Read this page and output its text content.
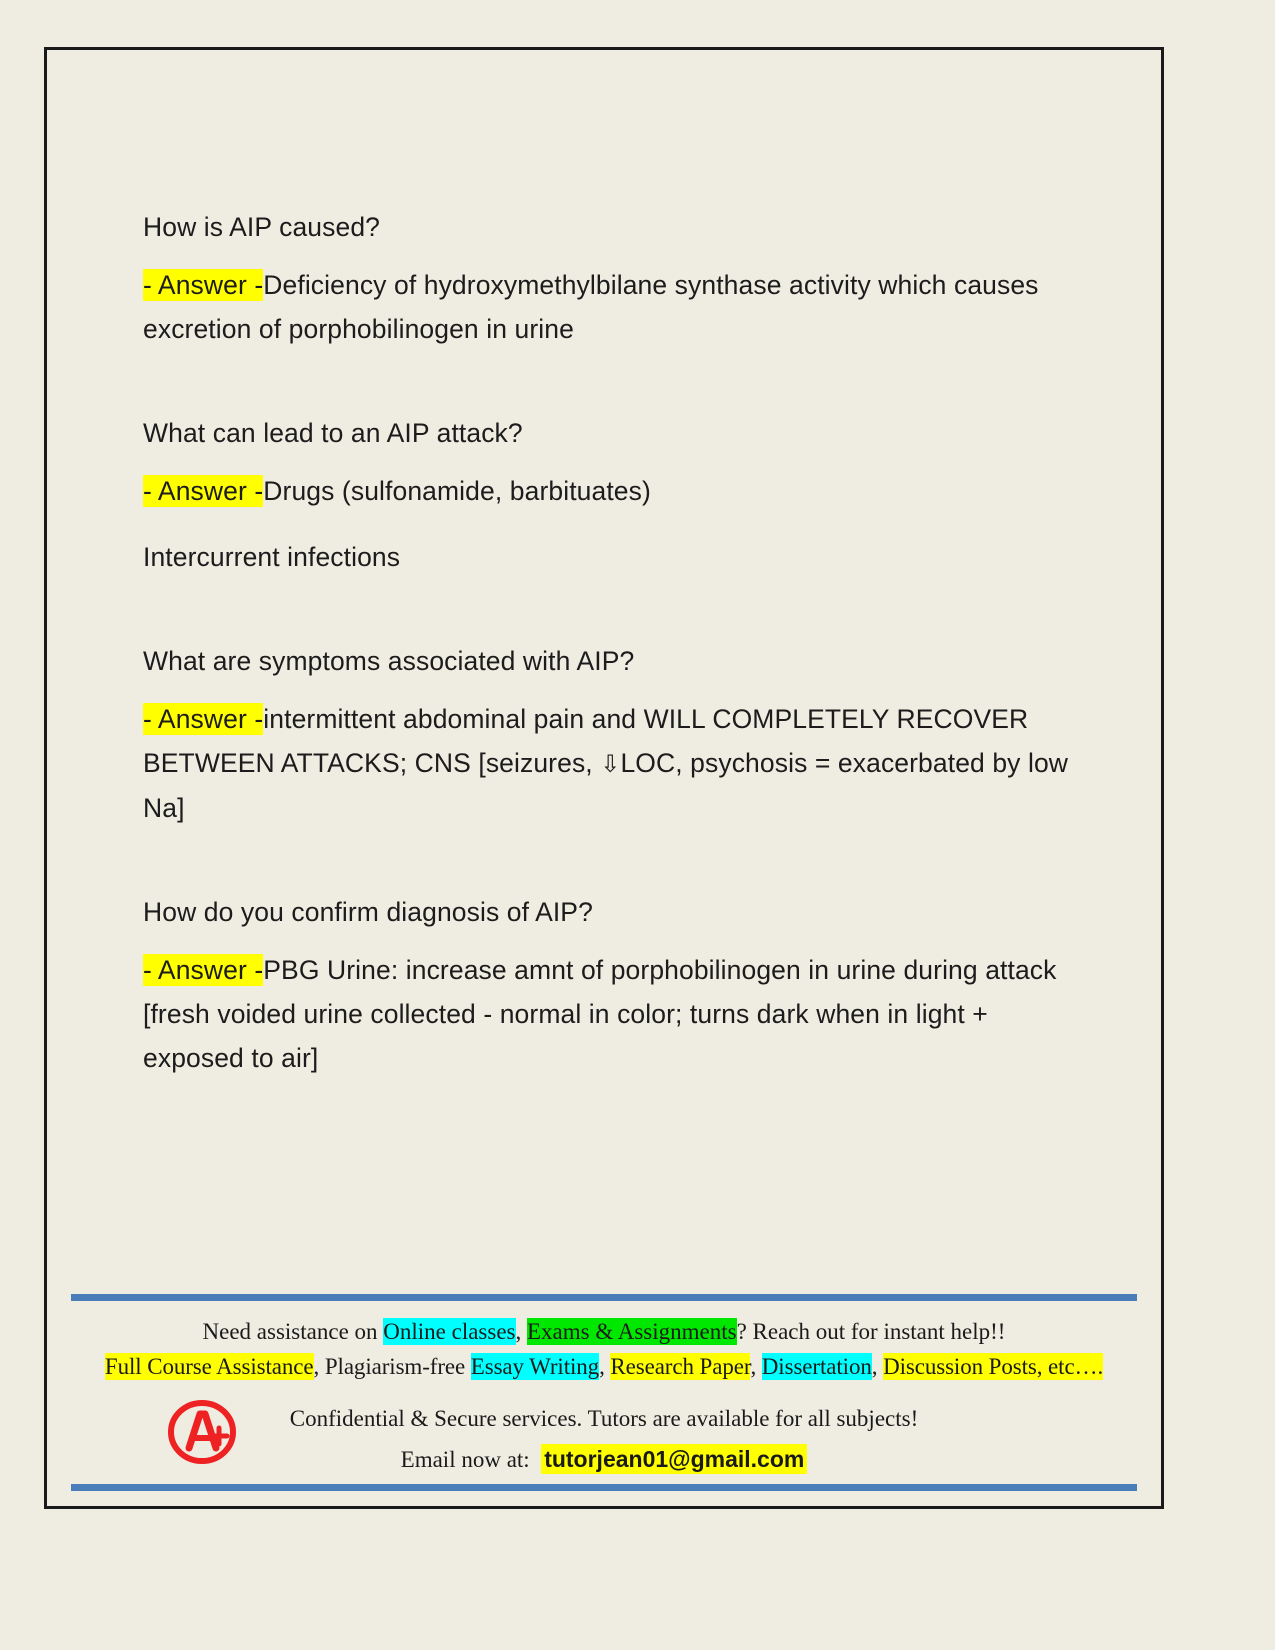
How is AIP caused?

- Answer -Deficiency of hydroxymethylbilane synthase activity which causes excretion of porphobilinogen in urine

What can lead to an AIP attack?

- Answer -Drugs (sulfonamide, barbituates)

Intercurrent infections

What are symptoms associated with AIP?

- Answer -intermittent abdominal pain and WILL COMPLETELY RECOVER BETWEEN ATTACKS; CNS [seizures, ⇩LOC, psychosis = exacerbated by low Na]

How do you confirm diagnosis of AIP?

- Answer -PBG Urine: increase amnt of porphobilinogen in urine during attack [fresh voided urine collected - normal in color; turns dark when in light + exposed to air]

Need assistance on Online classes, Exams & Assignments? Reach out for instant help!!
Full Course Assistance, Plagiarism-free Essay Writing, Research Paper, Dissertation, Discussion Posts, etc….
Confidential & Secure services. Tutors are available for all subjects!
Email now at: tutorjean01@gmail.com
